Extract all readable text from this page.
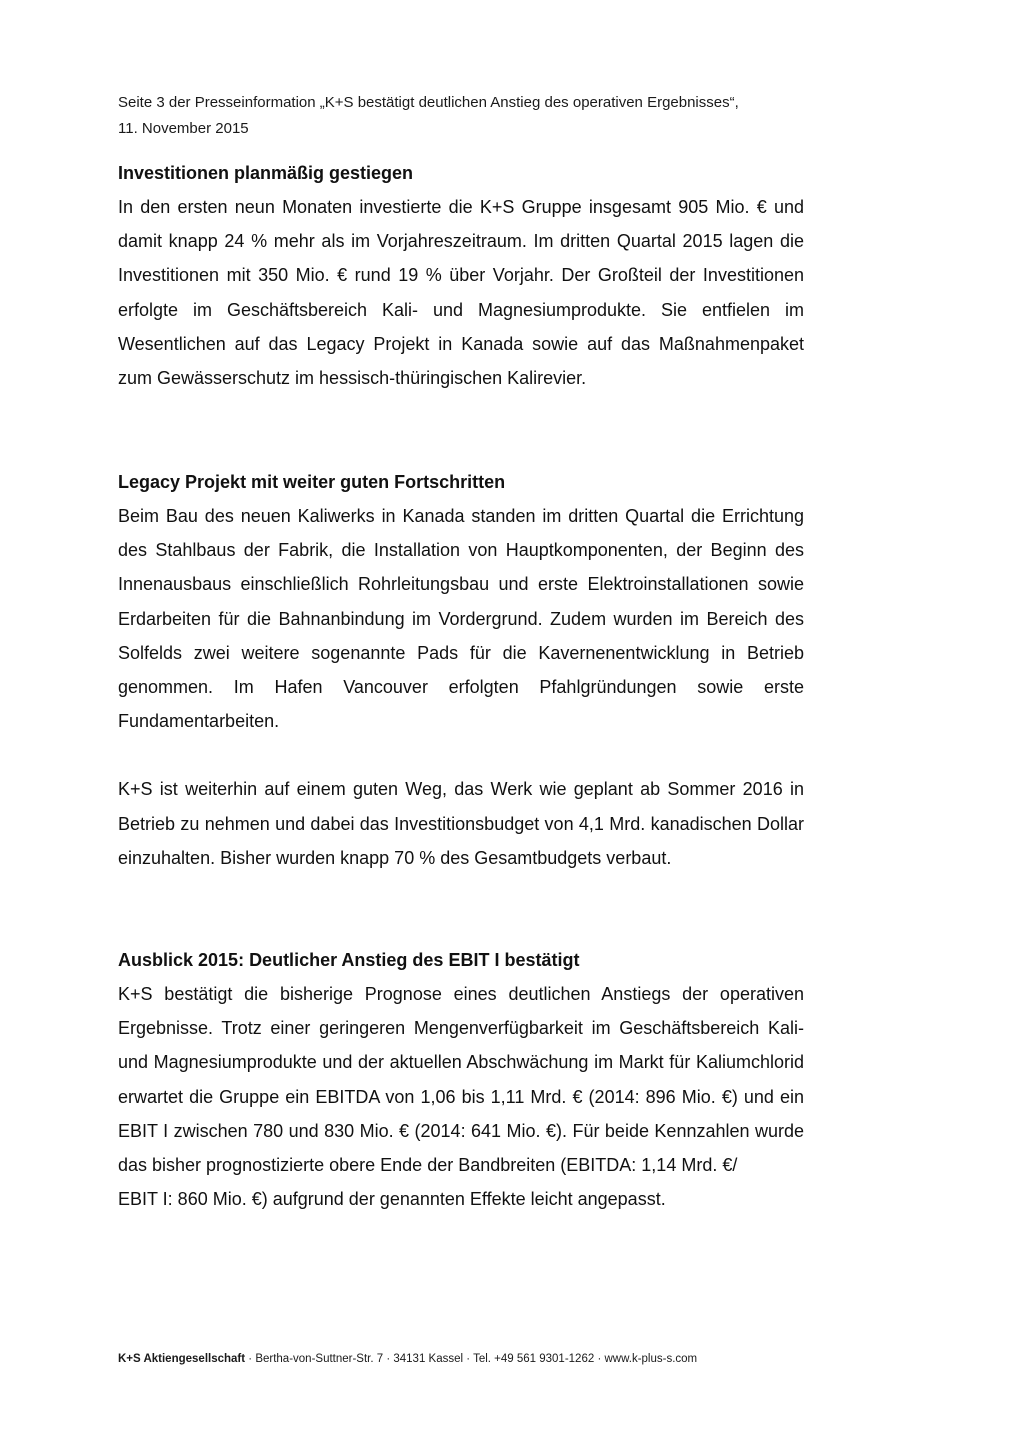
Seite 3 der Presseinformation „K+S bestätigt deutlichen Anstieg des operativen Ergebnisses“,
11. November 2015
Investitionen planmäßig gestiegen

In den ersten neun Monaten investierte die K+S Gruppe insgesamt 905 Mio. € und damit knapp 24 % mehr als im Vorjahreszeitraum. Im dritten Quartal 2015 lagen die Investitionen mit 350 Mio. € rund 19 % über Vorjahr. Der Großteil der Investitionen erfolgte im Geschäftsbereich Kali- und Magnesiumprodukte. Sie entfielen im Wesentlichen auf das Legacy Projekt in Kanada sowie auf das Maßnahmenpaket zum Gewässerschutz im hessisch-thüringischen Kalirevier.

Legacy Projekt mit weiter guten Fortschritten

Beim Bau des neuen Kaliwerks in Kanada standen im dritten Quartal die Errichtung des Stahlbaus der Fabrik, die Installation von Hauptkomponenten, der Beginn des Innenausbaus einschließlich Rohrleitungsbau und erste Elektroinstallationen sowie Erdarbeiten für die Bahnanbindung im Vordergrund. Zudem wurden im Bereich des Solfelds zwei weitere sogenannte Pads für die Kavernenentwicklung in Betrieb genommen. Im Hafen Vancouver erfolgten Pfahlgründungen sowie erste Fundamentarbeiten.

K+S ist weiterhin auf einem guten Weg, das Werk wie geplant ab Sommer 2016 in Betrieb zu nehmen und dabei das Investitionsbudget von 4,1 Mrd. kanadischen Dollar einzuhalten. Bisher wurden knapp 70 % des Gesamtbudgets verbaut.

Ausblick 2015: Deutlicher Anstieg des EBIT I bestätigt

K+S bestätigt die bisherige Prognose eines deutlichen Anstiegs der operativen Ergebnisse. Trotz einer geringeren Mengenverfügbarkeit im Geschäftsbereich Kali- und Magnesiumprodukte und der aktuellen Abschwächung im Markt für Kaliumchlorid erwartet die Gruppe ein EBITDA von 1,06 bis 1,11 Mrd. € (2014: 896 Mio. €) und ein EBIT I zwischen 780 und 830 Mio. € (2014: 641 Mio. €). Für beide Kennzahlen wurde das bisher prognostizierte obere Ende der Bandbreiten (EBITDA: 1,14 Mrd. €/

EBIT I: 860 Mio. €) aufgrund der genannten Effekte leicht angepasst.

K+S Aktiengesellschaft · Bertha-von-Suttner-Str. 7 · 34131 Kassel · Tel. +49 561 9301-1262 · www.k-plus-s.com
